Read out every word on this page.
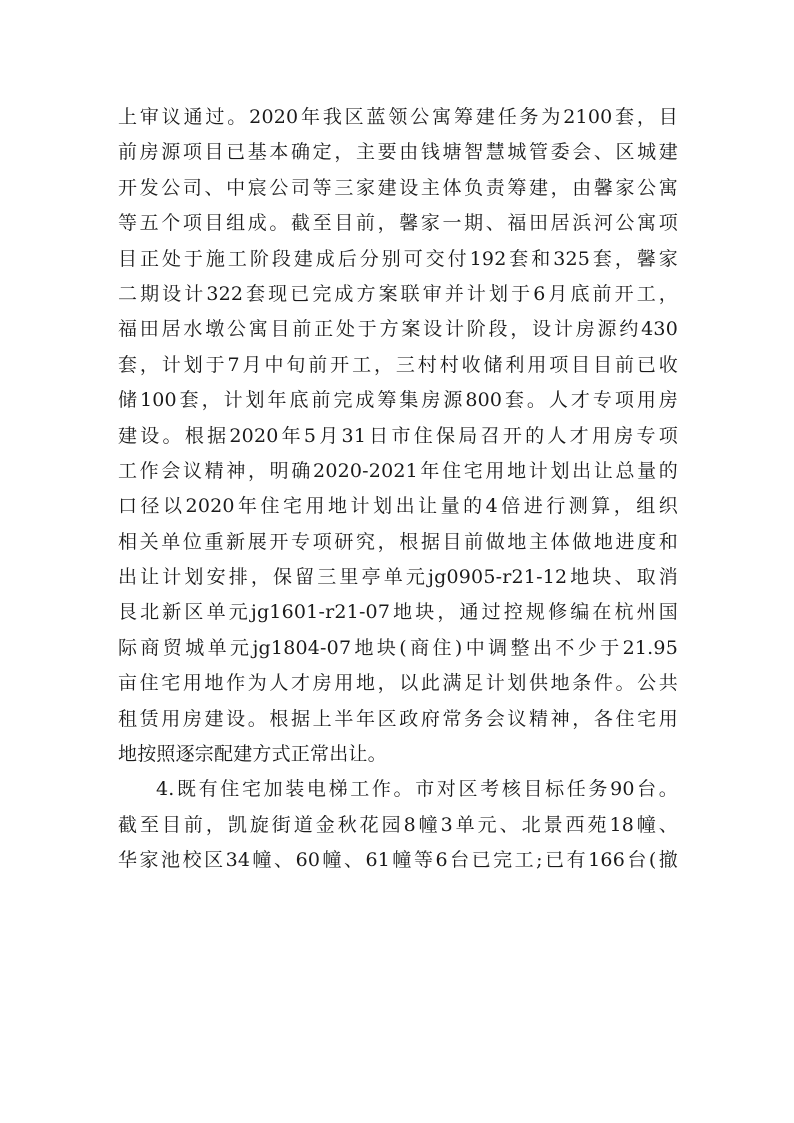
上审议通过。2020年我区蓝领公寓筹建任务为2100套，目
前房源项目已基本确定，主要由钱塘智慧城管委会、区城建
开发公司、中宸公司等三家建设主体负责筹建，由馨家公寓
等五个项目组成。截至目前，馨家一期、福田居浜河公寓项
目正处于施工阶段建成后分别可交付192套和325套，馨家
二期设计322套现已完成方案联审并计划于6月底前开工，
福田居水墩公寓目前正处于方案设计阶段，设计房源约430
套，计划于7月中旬前开工，三村村收储利用项目目前已收
储100套，计划年底前完成筹集房源800套。人才专项用房
建设。根据2020年5月31日市住保局召开的人才用房专项
工作会议精神，明确2020-2021年住宅用地计划出让总量的
口径以2020年住宅用地计划出让量的4倍进行测算，组织
相关单位重新展开专项研究，根据目前做地主体做地进度和
出让计划安排，保留三里亭单元jg0905-r21-12地块、取消
艮北新区单元jg1601-r21-07地块，通过控规修编在杭州国
际商贸城单元jg1804-07地块(商住)中调整出不少于21.95
亩住宅用地作为人才房用地，以此满足计划供地条件。公共
租赁用房建设。根据上半年区政府常务会议精神，各住宅用
地按照逐宗配建方式正常出让。
4.既有住宅加装电梯工作。市对区考核目标任务90台。
截至目前，凯旋街道金秋花园8幢3单元、北景西苑18幢、
华家池校区34幢、60幢、61幢等6台已完工;已有166台(撤
